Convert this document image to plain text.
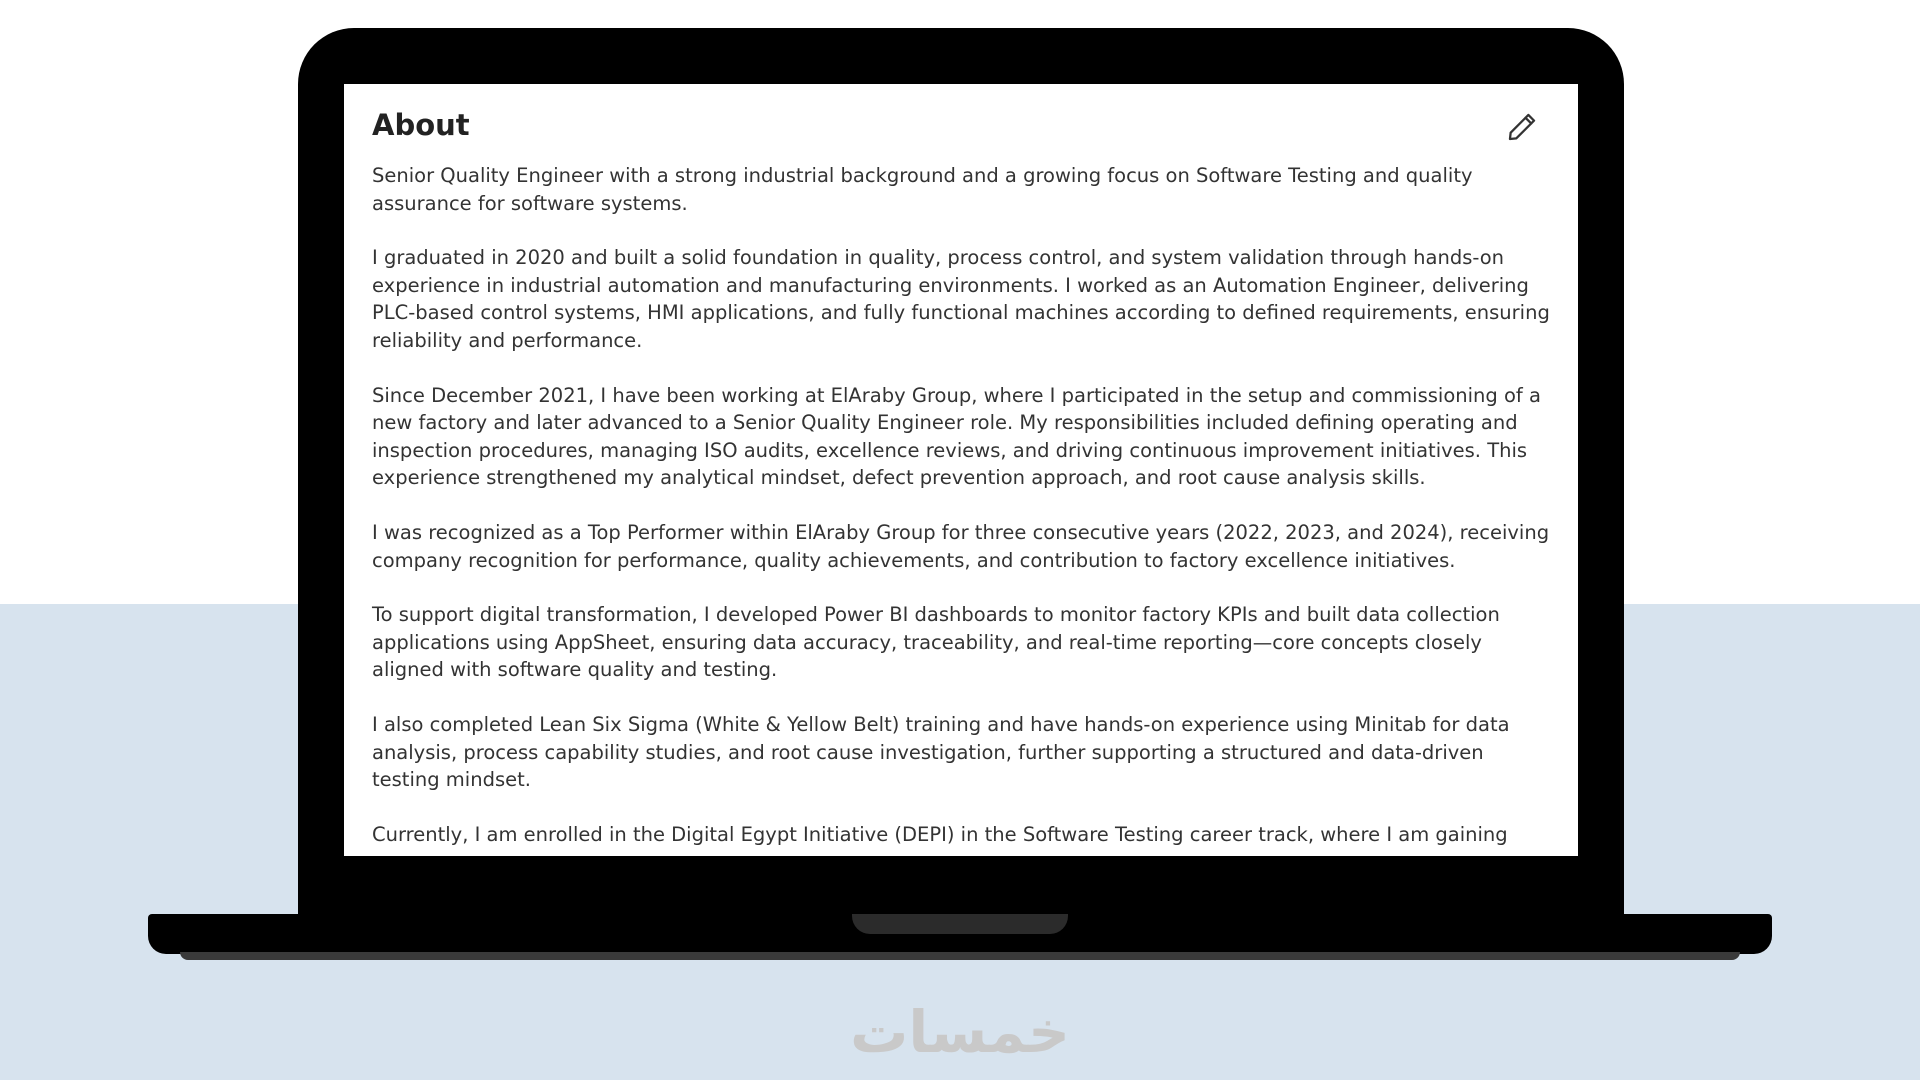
About

Senior Quality Engineer with a strong industrial background and a growing focus on Software Testing and quality assurance for software systems.

I graduated in 2020 and built a solid foundation in quality, process control, and system validation through hands-on experience in industrial automation and manufacturing environments. I worked as an Automation Engineer, delivering PLC-based control systems, HMI applications, and fully functional machines according to defined requirements, ensuring reliability and performance.

Since December 2021, I have been working at ElAraby Group, where I participated in the setup and commissioning of a new factory and later advanced to a Senior Quality Engineer role. My responsibilities included defining operating and inspection procedures, managing ISO audits, excellence reviews, and driving continuous improvement initiatives. This experience strengthened my analytical mindset, defect prevention approach, and root cause analysis skills.

I was recognized as a Top Performer within ElAraby Group for three consecutive years (2022, 2023, and 2024), receiving company recognition for performance, quality achievements, and contribution to factory excellence initiatives.

To support digital transformation, I developed Power BI dashboards to monitor factory KPIs and built data collection applications using AppSheet, ensuring data accuracy, traceability, and real-time reporting—core concepts closely aligned with software quality and testing.

I also completed Lean Six Sigma (White & Yellow Belt) training and have hands-on experience using Minitab for data analysis, process capability studies, and root cause investigation, further supporting a structured and data-driven testing mindset.

Currently, I am enrolled in the Digital Egypt Initiative (DEPI) in the Software Testing career track, where I am gaining

خمسات
